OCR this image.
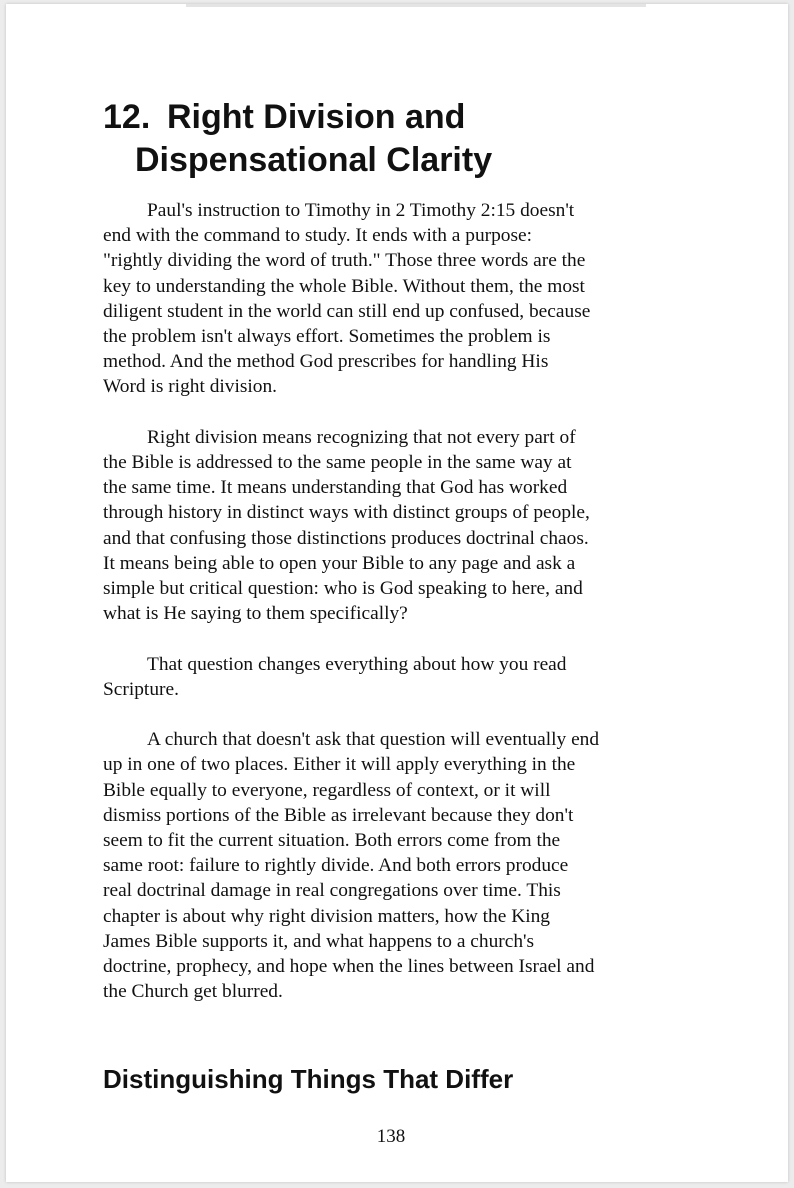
12. Right Division and
Dispensational Clarity

Paul's instruction to Timothy in 2 Timothy 2:15 doesn't
end with the command to study. It ends with a purpose:
"rightly dividing the word of truth." Those three words are the
key to understanding the whole Bible. Without them, the most
diligent student in the world can still end up confused, because
the problem isn't always effort. Sometimes the problem is
method. And the method God prescribes for handling His
Word is right division.

Right division means recognizing that not every part of
the Bible is addressed to the same people in the same way at
the same time. It means understanding that God has worked
through history in distinct ways with distinct groups of people,
and that confusing those distinctions produces doctrinal chaos.
It means being able to open your Bible to any page and ask a
simple but critical question: who is God speaking to here, and
what is He saying to them specifically?

That question changes everything about how you read
Scripture.

A church that doesn't ask that question will eventually end
up in one of two places. Either it will apply everything in the
Bible equally to everyone, regardless of context, or it will
dismiss portions of the Bible as irrelevant because they don't
seem to fit the current situation. Both errors come from the
same root: failure to rightly divide. And both errors produce
real doctrinal damage in real congregations over time. This
chapter is about why right division matters, how the King
James Bible supports it, and what happens to a church's
doctrine, prophecy, and hope when the lines between Israel and
the Church get blurred.

Distinguishing Things That Differ
138
